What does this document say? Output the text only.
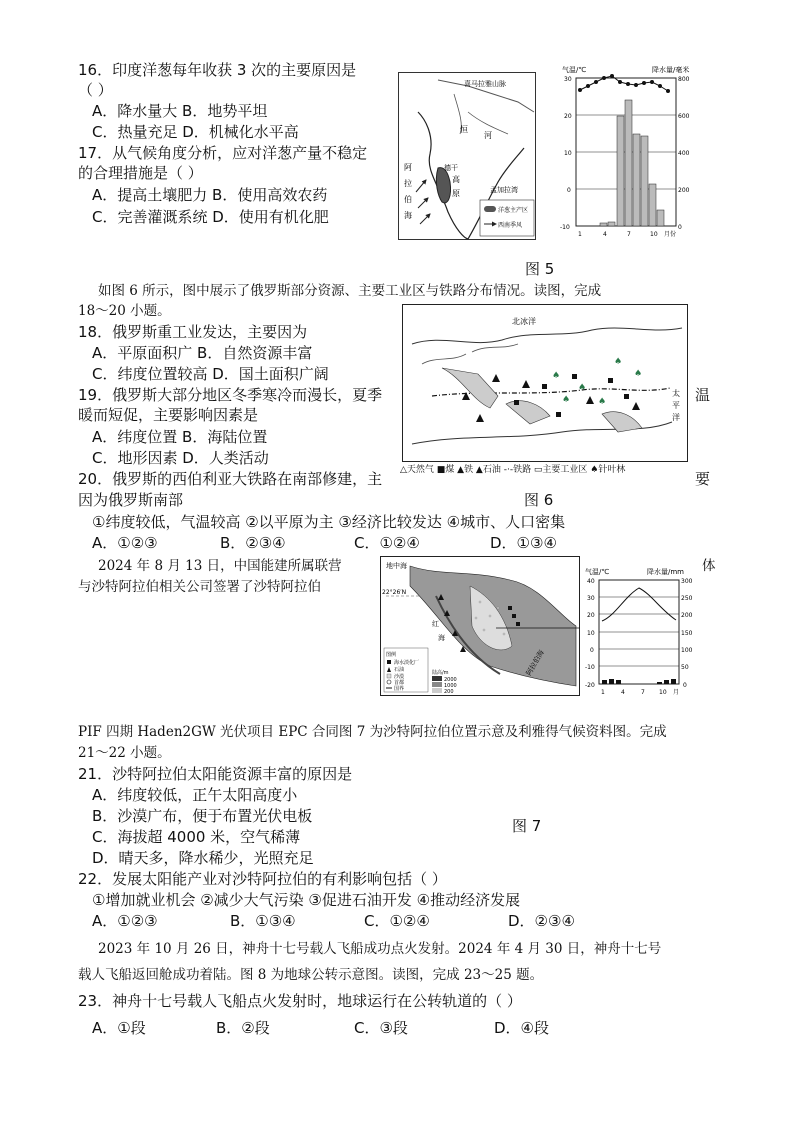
16．印度洋葱每年收获 3 次的主要原因是
（ ）
A．降水量大 B．地势平坦
C．热量充足 D．机械化水平高
17．从气候角度分析，应对洋葱产量不稳定
的合理措施是（ ）
A．提高土壤肥力 B．使用高效农药
C．完善灌溉系统 D．使用有机化肥
喜马拉雅山脉
恒
河
德干
高
原
阿
拉
伯
海
孟加拉湾
洋葱主产区
西南季风
气温/℃	降水量/毫米
30
20
10
0
-10
800
600
400
200
0
1	4	7	10 月份
图 5
如图 6 所示，图中展示了俄罗斯部分资源、主要工业区与铁路分布情况。读图，完成
18～20 小题。
18．俄罗斯重工业发达，主要因为
A．平原面积广 B．自然资源丰富
C．纬度位置较高 D．国土面积广阔
19．俄罗斯大部分地区冬季寒冷而漫长，夏季	温
暖而短促，主要影响因素是
A．纬度位置 B．海陆位置
C．地形因素 D．人类活动
20．俄罗斯的西伯利亚大铁路在南部修建，主	要
因为俄罗斯南部
①纬度较低，气温较高 ②以平原为主 ③经济比较发达 ④城市、人口密集
A．①②③	B．②③④	C．①②④	D．①③④
♠
♠
♠
♠
♠
♠
北冰洋
太
平
洋
△天然气 ■煤 ▲铁 ▲石油 -·-铁路 ▭主要工业区 ♠针叶林
图 6
2024 年 8 月 13 日，中国能建所属联营	体
与沙特阿拉伯相关公司签署了沙特阿拉伯
地中海
22°26′N
红
海
阿拉伯海
图例
海水淡化厂
石油
沙漠
首都
国界
陆高/m
2000
1000
200
气温/℃	降水量/mm
40
30
20
10
0
-10
-20
300
250
200
150
100
50
0
1	4	7 10 月
PIF 四期 Haden2GW 光伏项目 EPC 合同图 7 为沙特阿拉伯位置示意及利雅得气候资料图。完成
21～22 小题。
21．沙特阿拉伯太阳能资源丰富的原因是
A．纬度较低，正午太阳高度小
B．沙漠广布，便于布置光伏电板
C．海拔超 4000 米，空气稀薄
D．晴天多，降水稀少，光照充足
图 7
22．发展太阳能产业对沙特阿拉伯的有利影响包括（ ）
①增加就业机会 ②减少大气污染 ③促进石油开发 ④推动经济发展
A．①②③	B．①③④	C．①②④	D．②③④
2023 年 10 月 26 日，神舟十七号载人飞船成功点火发射。2024 年 4 月 30 日，神舟十七号
载人飞船返回舱成功着陆。图 8 为地球公转示意图。读图，完成 23～25 题。
23．神舟十七号载人飞船点火发射时，地球运行在公转轨道的（ ）
A．①段	B．②段	C．③段	D．④段
